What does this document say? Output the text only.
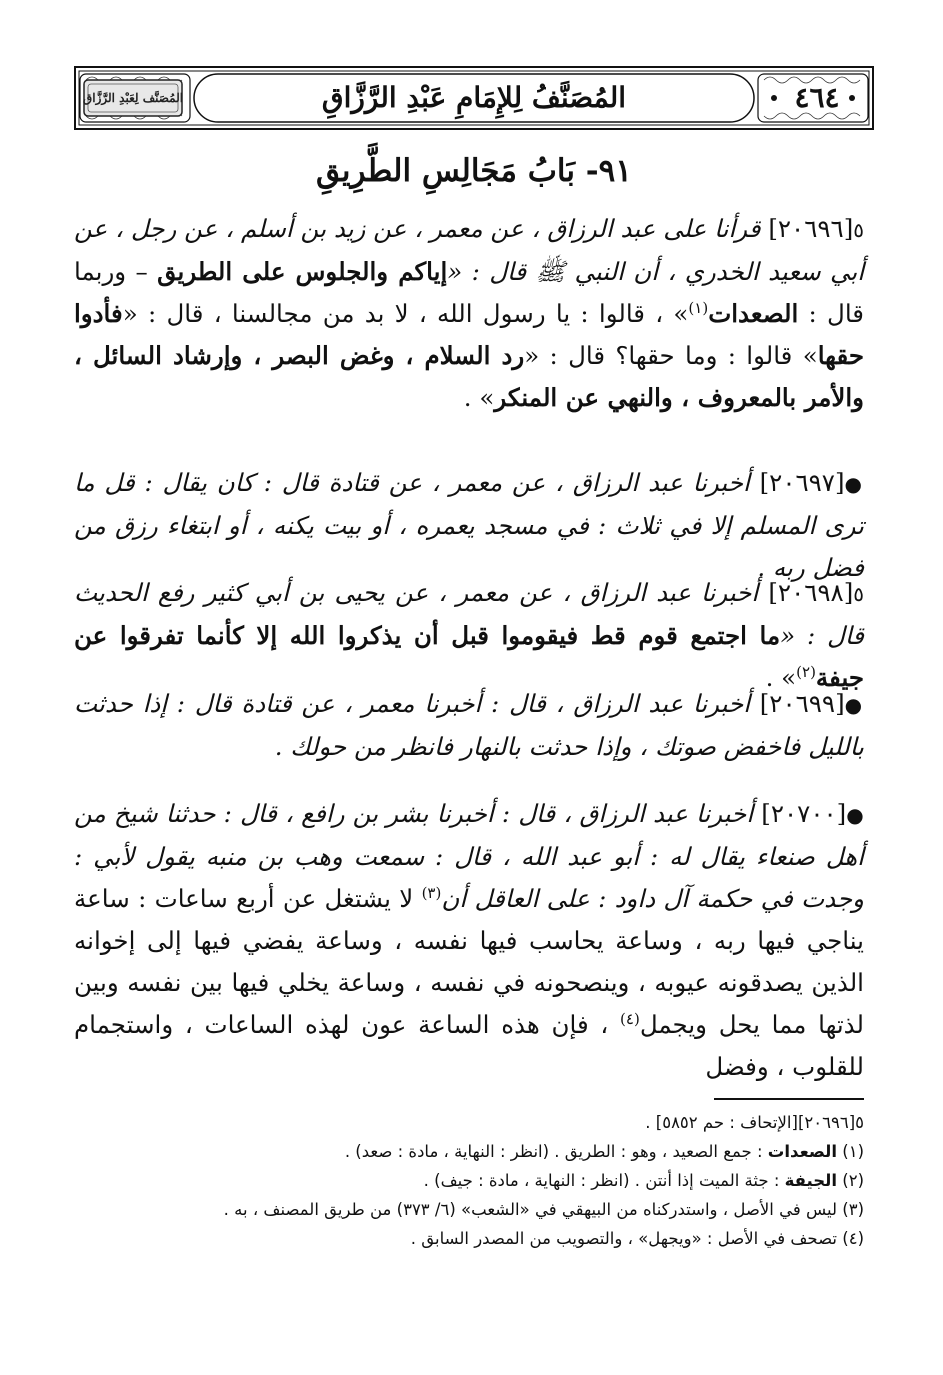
المُصَنَّف لِعَبْدِ الرَّزَّاق	المُصَنَّفُ لِلإِمَامِ عَبْدِ الرَّزَّاقِ	٤٦٤
٩١- بَابُ مَجَالِسِ الطَّرِيقِ
٥[٢٠٦٩٦] قرأنا على عبد الرزاق ، عن معمر ، عن زيد بن أسلم ، عن رجل ، عن أبي سعيد الخدري ، أن النبي ﷺ قال : «إياكم والجلوس على الطريق – وربما قال : الصعدات$^{(١)}$» ، قالوا : يا رسول الله ، لا بد من مجالسنا ، قال : «فأدوا حقها» قالوا : وما حقها؟ قال : «رد السلام ، وغض البصر ، وإرشاد السائل ، والأمر بالمعروف ، والنهي عن المنكر» .
●[٢٠٦٩٧] أخبرنا عبد الرزاق ، عن معمر ، عن قتادة قال : كان يقال : قل ما ترى المسلم إلا في ثلاث : في مسجد يعمره ، أو بيت يكنه ، أو ابتغاء رزق من فضل ربه .
٥[٢٠٦٩٨] أخبرنا عبد الرزاق ، عن معمر ، عن يحيى بن أبي كثير رفع الحديث قال : «ما اجتمع قوم قط فيقوموا قبل أن يذكروا الله إلا كأنما تفرقوا عن جيفة$^{(٢)}$» .
●[٢٠٦٩٩] أخبرنا عبد الرزاق ، قال : أخبرنا معمر ، عن قتادة قال : إذا حدثت بالليل فاخفض صوتك ، وإذا حدثت بالنهار فانظر من حولك .
●[٢٠٧٠٠] أخبرنا عبد الرزاق ، قال : أخبرنا بشر بن رافع ، قال : حدثنا شيخ من أهل صنعاء يقال له : أبو عبد الله ، قال : سمعت وهب بن منبه يقول لأبي : وجدت في حكمة آل داود : على العاقل أن$^{(٣)}$ لا يشتغل عن أربع ساعات : ساعة يناجي فيها ربه ، وساعة يحاسب فيها نفسه ، وساعة يفضي فيها إلى إخوانه الذين يصدقونه عيوبه ، وينصحونه في نفسه ، وساعة يخلي فيها بين نفسه وبين لذتها مما يحل ويجمل$^{(٤)}$ ، فإن هذه الساعة عون لهذه الساعات ، واستجمام للقلوب ، وفضل
٥[٢٠٦٩٦][الإتحاف : حم ٥٨٥٢] .
(١) الصعدات : جمع الصعيد ، وهو : الطريق . (انظر : النهاية ، مادة : صعد) .
(٢) الجيفة : جثة الميت إذا أنتن . (انظر : النهاية ، مادة : جيف) .
(٣) ليس في الأصل ، واستدركناه من البيهقي في «الشعب» (٦/ ٣٧٣) من طريق المصنف ، به .
(٤) تصحف في الأصل : «ويجهل» ، والتصويب من المصدر السابق .
